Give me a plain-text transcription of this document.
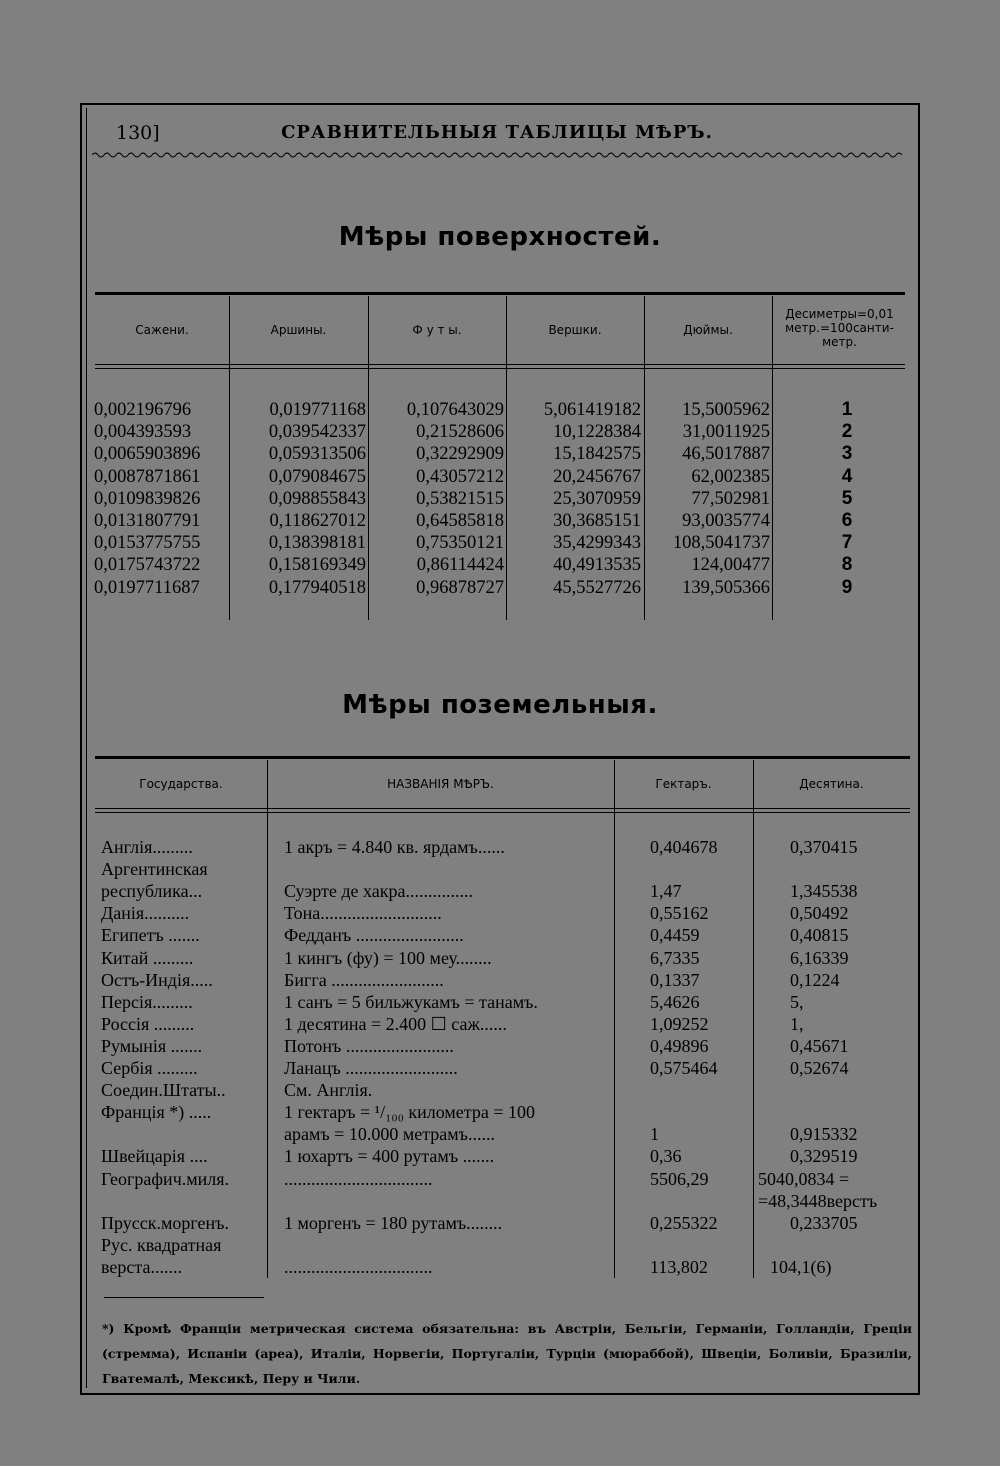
130]	СРАВНИТЕЛЬНЫЯ ТАБЛИЦЫ МѢРЪ.
Мѣры поверхностей.
Сажени.	Аршины.	Ф у т ы.	Вершки.	Дюймы.
Десиметры=0,01 метр.=100санти-метр.
0,002196796	0,019771168	0,107643029	5,061419182	15,5005962	1
0,004393593	0,039542337	0,21528606	10,1228384	31,0011925	2
0,0065903896	0,059313506	0,32292909	15,1842575	46,5017887	3
0,0087871861	0,079084675	0,43057212	20,2456767	62,002385	4
0,0109839826	0,098855843	0,53821515	25,3070959	77,502981	5
0,0131807791	0,118627012	0,64585818	30,3685151	93,0035774	6
0,0153775755	0,138398181	0,75350121	35,4299343	108,5041737	7
0,0175743722	0,158169349	0,86114424	40,4913535	124,00477	8
0,0197711687	0,177940518	0,96878727	45,5527726	139,505366	9
Мѣры поземельныя.
Государства.	НАЗВАНІЯ МѢРЪ.	Гектаръ.	Десятина.
Англія.........	1 акръ = 4.840 кв. ярдамъ......	0,404678	0,370415
Аргентинская
республика...	Суэрте де хакра...............	1,47	1,345538
Данія..........	Тона...........................	0,55162	0,50492
Египетъ .......	Федданъ ........................	0,4459	0,40815
Китай .........	1 кингъ (фу) = 100 меу........	6,7335	6,16339
Остъ-Индія.....	Бигга .........................	0,1337	0,1224
Персія.........	1 санъ = 5 бильжукамъ = танамъ.	5,4626	5,
Россія .........	1 десятина = 2.400 ☐ саж......	1,09252	1,
Румынія .......	Потонъ ........................	0,49896	0,45671
Сербія .........	Ланацъ .........................	0,575464	0,52674
Соедин.Штаты..	См. Англія.
Франція *) .....	1 гектаръ = ¹/₁₀₀ километра = 100
арамъ = 10.000 метрамъ......	1	0,915332
Швейцарія ....	1 юхартъ = 400 рутамъ .......	0,36	0,329519
Географич.миля.	.................................	5506,29	5040,0834 =
=48,3448верстъ
Прусск.моргенъ.	1 моргенъ = 180 рутамъ........	0,255322	0,233705
Рус. квадратная
верста.......	.................................	113,802	104,1(6)
*) Кромѣ Франціи метрическая система обязательна: въ Австріи, Бельгіи, Германіи, Голландіи, Греціи (стремма), Испаніи (ареа), Италіи, Норвегіи, Португаліи, Турціи (мюраббой), Швеціи, Боливіи, Бразиліи, Гватемалѣ, Мексикѣ, Перу и Чили.
